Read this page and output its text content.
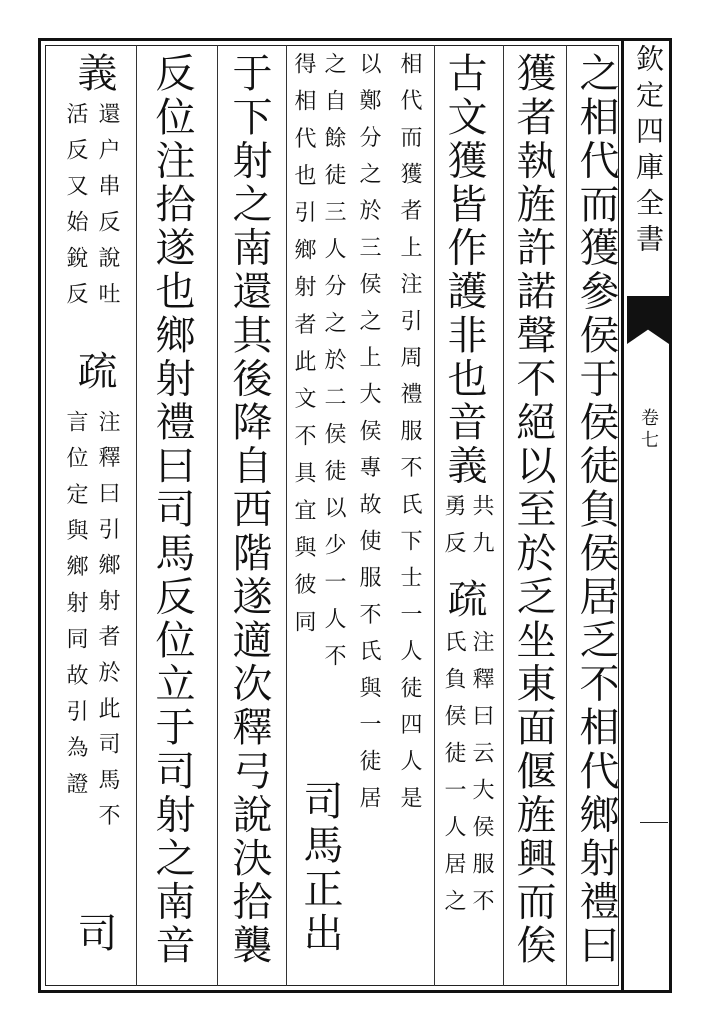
欽定四庫全書
卷七
之相代而獲參侯于侯徒負侯居乏不相代鄉射禮曰
獲者執旌許諾聲不絕以至於乏坐東面偃旌興而俟
古文獲皆作護非也音義
共九
勇反
疏
注釋曰云大侯服不
氏負侯徒一人居之
相代而獲者上注引周禮服不氏下士一人徒四人是
以鄭分之於三侯之上大侯專故使服不氏與一徒居
之自餘徒三人分之於二侯徒以少一人不
得相代也引鄉射者此文不具宜與彼同
司馬正出
于下射之南還其後降自西階遂適次釋弓說決拾襲
反位注拾遂也鄉射禮曰司馬反位立于司射之南音
義
還户串反說吐
活反又始銳反
疏
注釋曰引鄉射者於此司馬不
言位定與鄉射同故引為證
司
